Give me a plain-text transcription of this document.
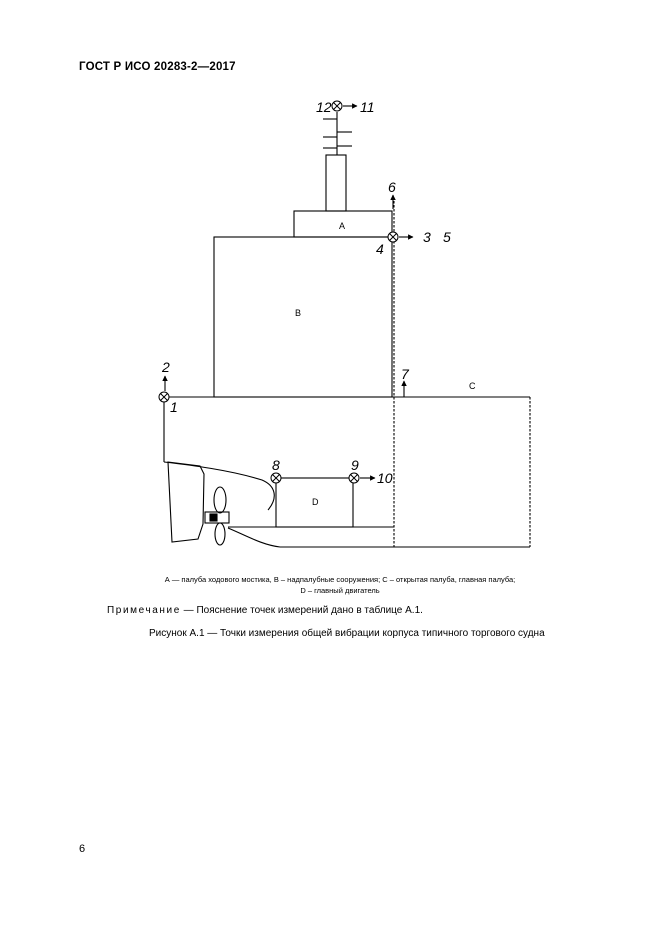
ГОСТ Р ИСО 20283-2—2017
12 11
6
3 5
4
2
1
7
8	9
10
A
B
C
D
А — палуба ходового мостика, В – надпалубные сооружения; С – открытая палуба, главная палуба;
D – главный двигатель
Примечание — Пояснение точек измерений дано в таблице А.1.
Рисунок А.1 — Точки измерения общей вибрации корпуса типичного торгового судна
6
